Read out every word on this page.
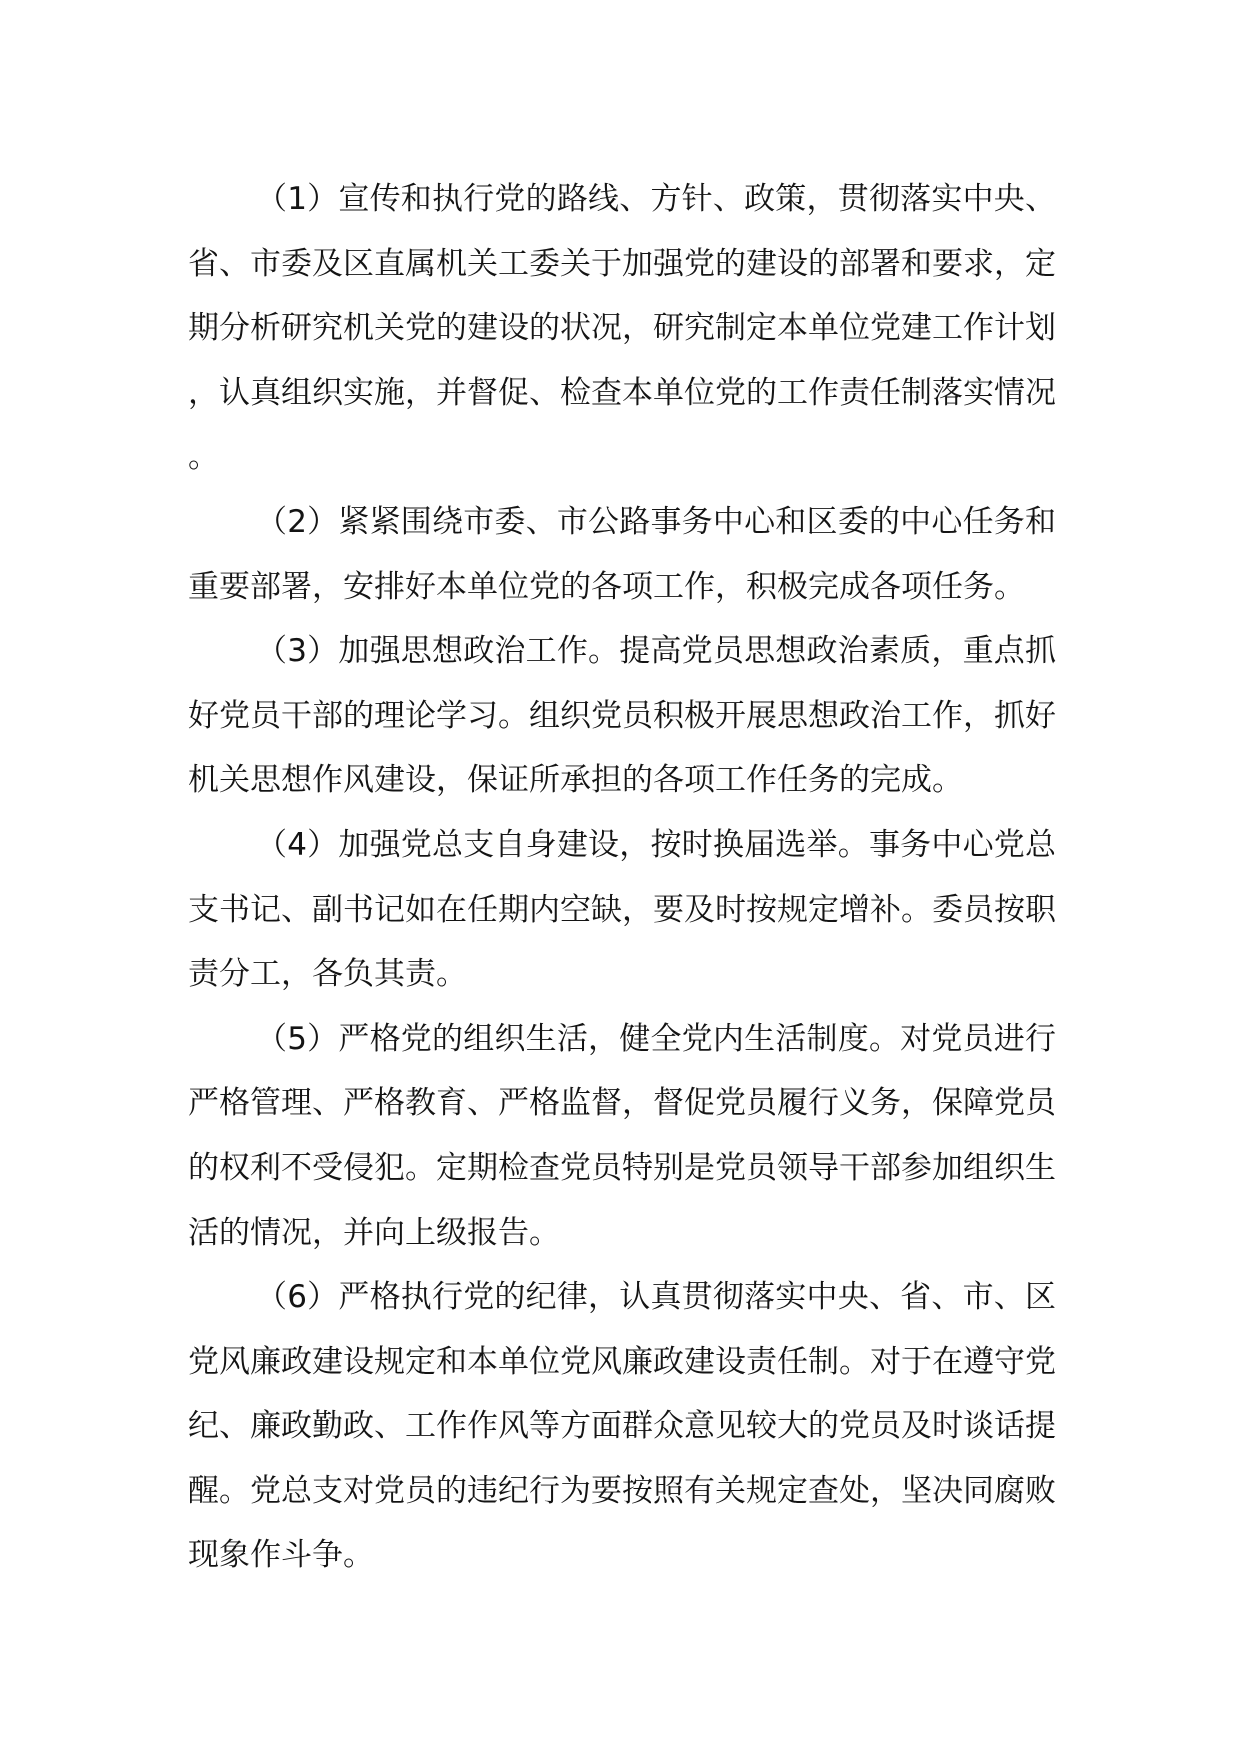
（1）宣传和执行党的路线、方针、政策，贯彻落实中央、省、市委及区直属机关工委关于加强党的建设的部署和要求，定期分析研究机关党的建设的状况，研究制定本单位党建工作计划，认真组织实施，并督促、检查本单位党的工作责任制落实情况。

（2）紧紧围绕市委、市公路事务中心和区委的中心任务和重要部署，安排好本单位党的各项工作，积极完成各项任务。

（3）加强思想政治工作。提高党员思想政治素质，重点抓好党员干部的理论学习。组织党员积极开展思想政治工作，抓好机关思想作风建设，保证所承担的各项工作任务的完成。

（4）加强党总支自身建设，按时换届选举。事务中心党总支书记、副书记如在任期内空缺，要及时按规定增补。委员按职责分工，各负其责。

（5）严格党的组织生活，健全党内生活制度。对党员进行严格管理、严格教育、严格监督，督促党员履行义务，保障党员的权利不受侵犯。定期检查党员特别是党员领导干部参加组织生活的情况，并向上级报告。

（6）严格执行党的纪律，认真贯彻落实中央、省、市、区党风廉政建设规定和本单位党风廉政建设责任制。对于在遵守党纪、廉政勤政、工作作风等方面群众意见较大的党员及时谈话提醒。党总支对党员的违纪行为要按照有关规定查处，坚决同腐败现象作斗争。
